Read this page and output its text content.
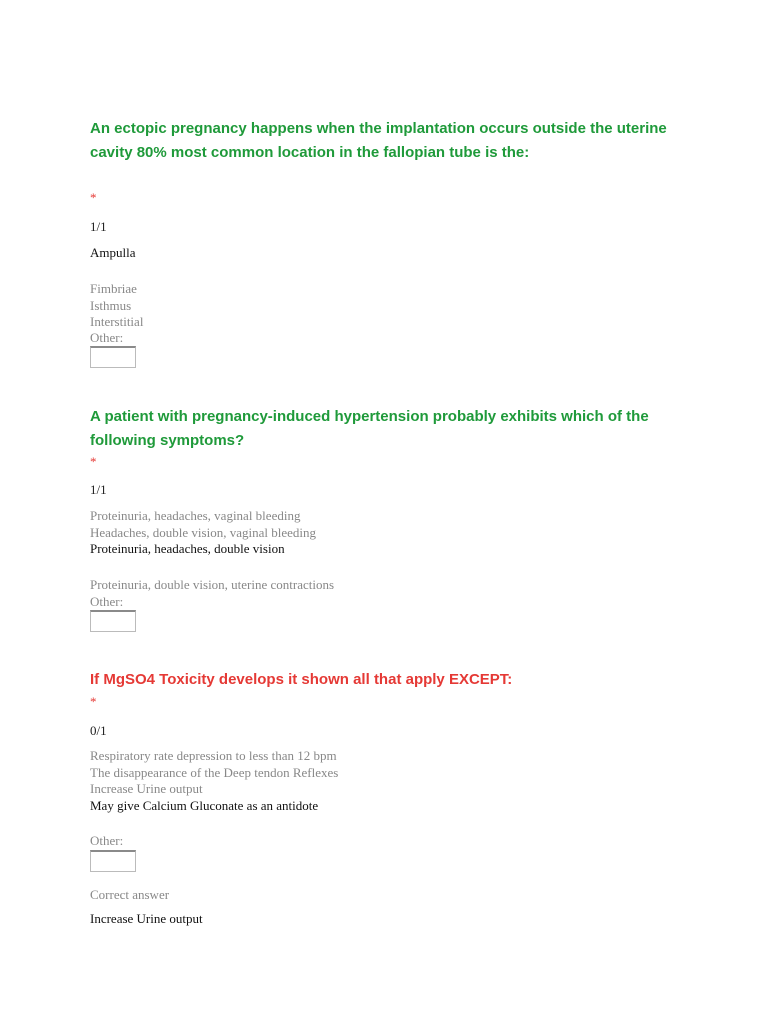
An ectopic pregnancy happens when the implantation occurs outside the uterine cavity 80% most common location in the fallopian tube is the:
*
1/1
Ampulla
Fimbriae
Isthmus
Interstitial
Other:
A patient with pregnancy-induced hypertension probably exhibits which of the following symptoms?
*
1/1
Proteinuria, headaches, vaginal bleeding
Headaches, double vision, vaginal bleeding
Proteinuria, headaches, double vision
Proteinuria, double vision, uterine contractions
Other:
If MgSO4 Toxicity develops it shown all that apply EXCEPT:
*
0/1
Respiratory rate depression to less than 12 bpm
The disappearance of the Deep tendon Reflexes
Increase Urine output
May give Calcium Gluconate as an antidote
Other:
Correct answer
Increase Urine output
